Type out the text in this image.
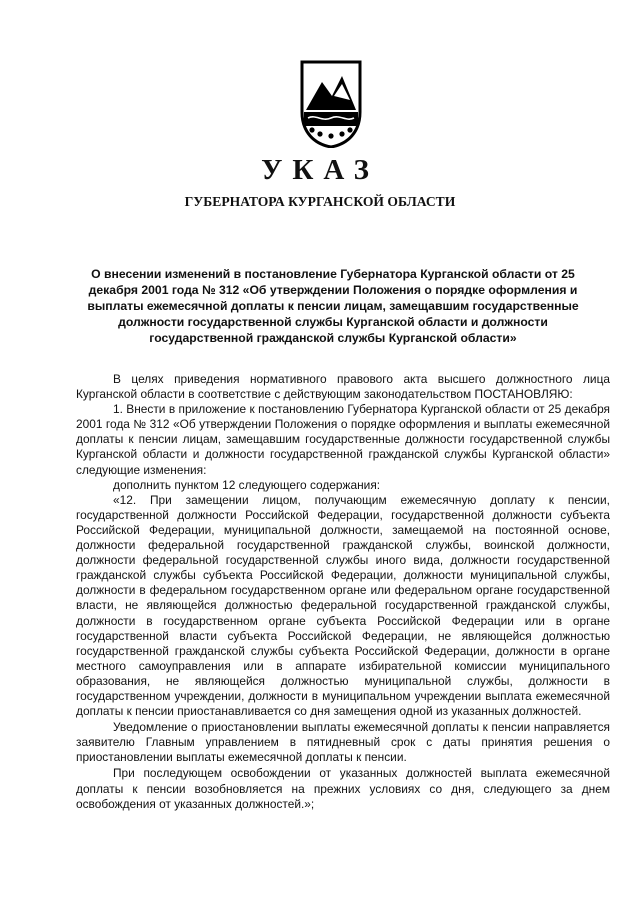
УКАЗ
ГУБЕРНАТОРА КУРГАНСКОЙ ОБЛАСТИ
О внесении изменений в постановление Губернатора Курганской области от 25 декабря 2001 года № 312 «Об утверждении Положения о порядке оформления и выплаты ежемесячной доплаты к пенсии лицам, замещавшим государственные должности государственной службы Курганской области и должности государственной гражданской службы Курганской области»

В целях приведения нормативного правового акта высшего должностного лица Курганской области в соответствие с действующим законодательством ПОСТАНОВЛЯЮ:

1. Внести в приложение к постановлению Губернатора Курганской области от 25 декабря 2001 года № 312 «Об утверждении Положения о порядке оформления и выплаты ежемесячной доплаты к пенсии лицам, замещавшим государственные должности государственной службы Курганской области и должности государственной гражданской службы Курганской области» следующие изменения:

дополнить пунктом 12 следующего содержания:

«12. При замещении лицом, получающим ежемесячную доплату к пенсии, государственной должности Российской Федерации, государственной должности субъекта Российской Федерации, муниципальной должности, замещаемой на постоянной основе, должности федеральной государственной гражданской службы, воинской должности, должности федеральной государственной службы иного вида, должности государственной гражданской службы субъекта Российской Федерации, должности муниципальной службы, должности в федеральном государственном органе или федеральном органе государственной власти, не являющейся должностью федеральной государственной гражданской службы, должности в государственном органе субъекта Российской Федерации или в органе государственной власти субъекта Российской Федерации, не являющейся должностью государственной гражданской службы субъекта Российской Федерации, должности в органе местного самоуправления или в аппарате избирательной комиссии муниципального образования, не являющейся должностью муниципальной службы, должности в государственном учреждении, должности в муниципальном учреждении выплата ежемесячной доплаты к пенсии приостанавливается со дня замещения одной из указанных должностей.

Уведомление о приостановлении выплаты ежемесячной доплаты к пенсии направляется заявителю Главным управлением в пятидневный срок с даты принятия решения о приостановлении выплаты ежемесячной доплаты к пенсии.

При последующем освобождении от указанных должностей выплата ежемесячной доплаты к пенсии возобновляется на прежних условиях со дня, следующего за днем освобождения от указанных должностей.»;
